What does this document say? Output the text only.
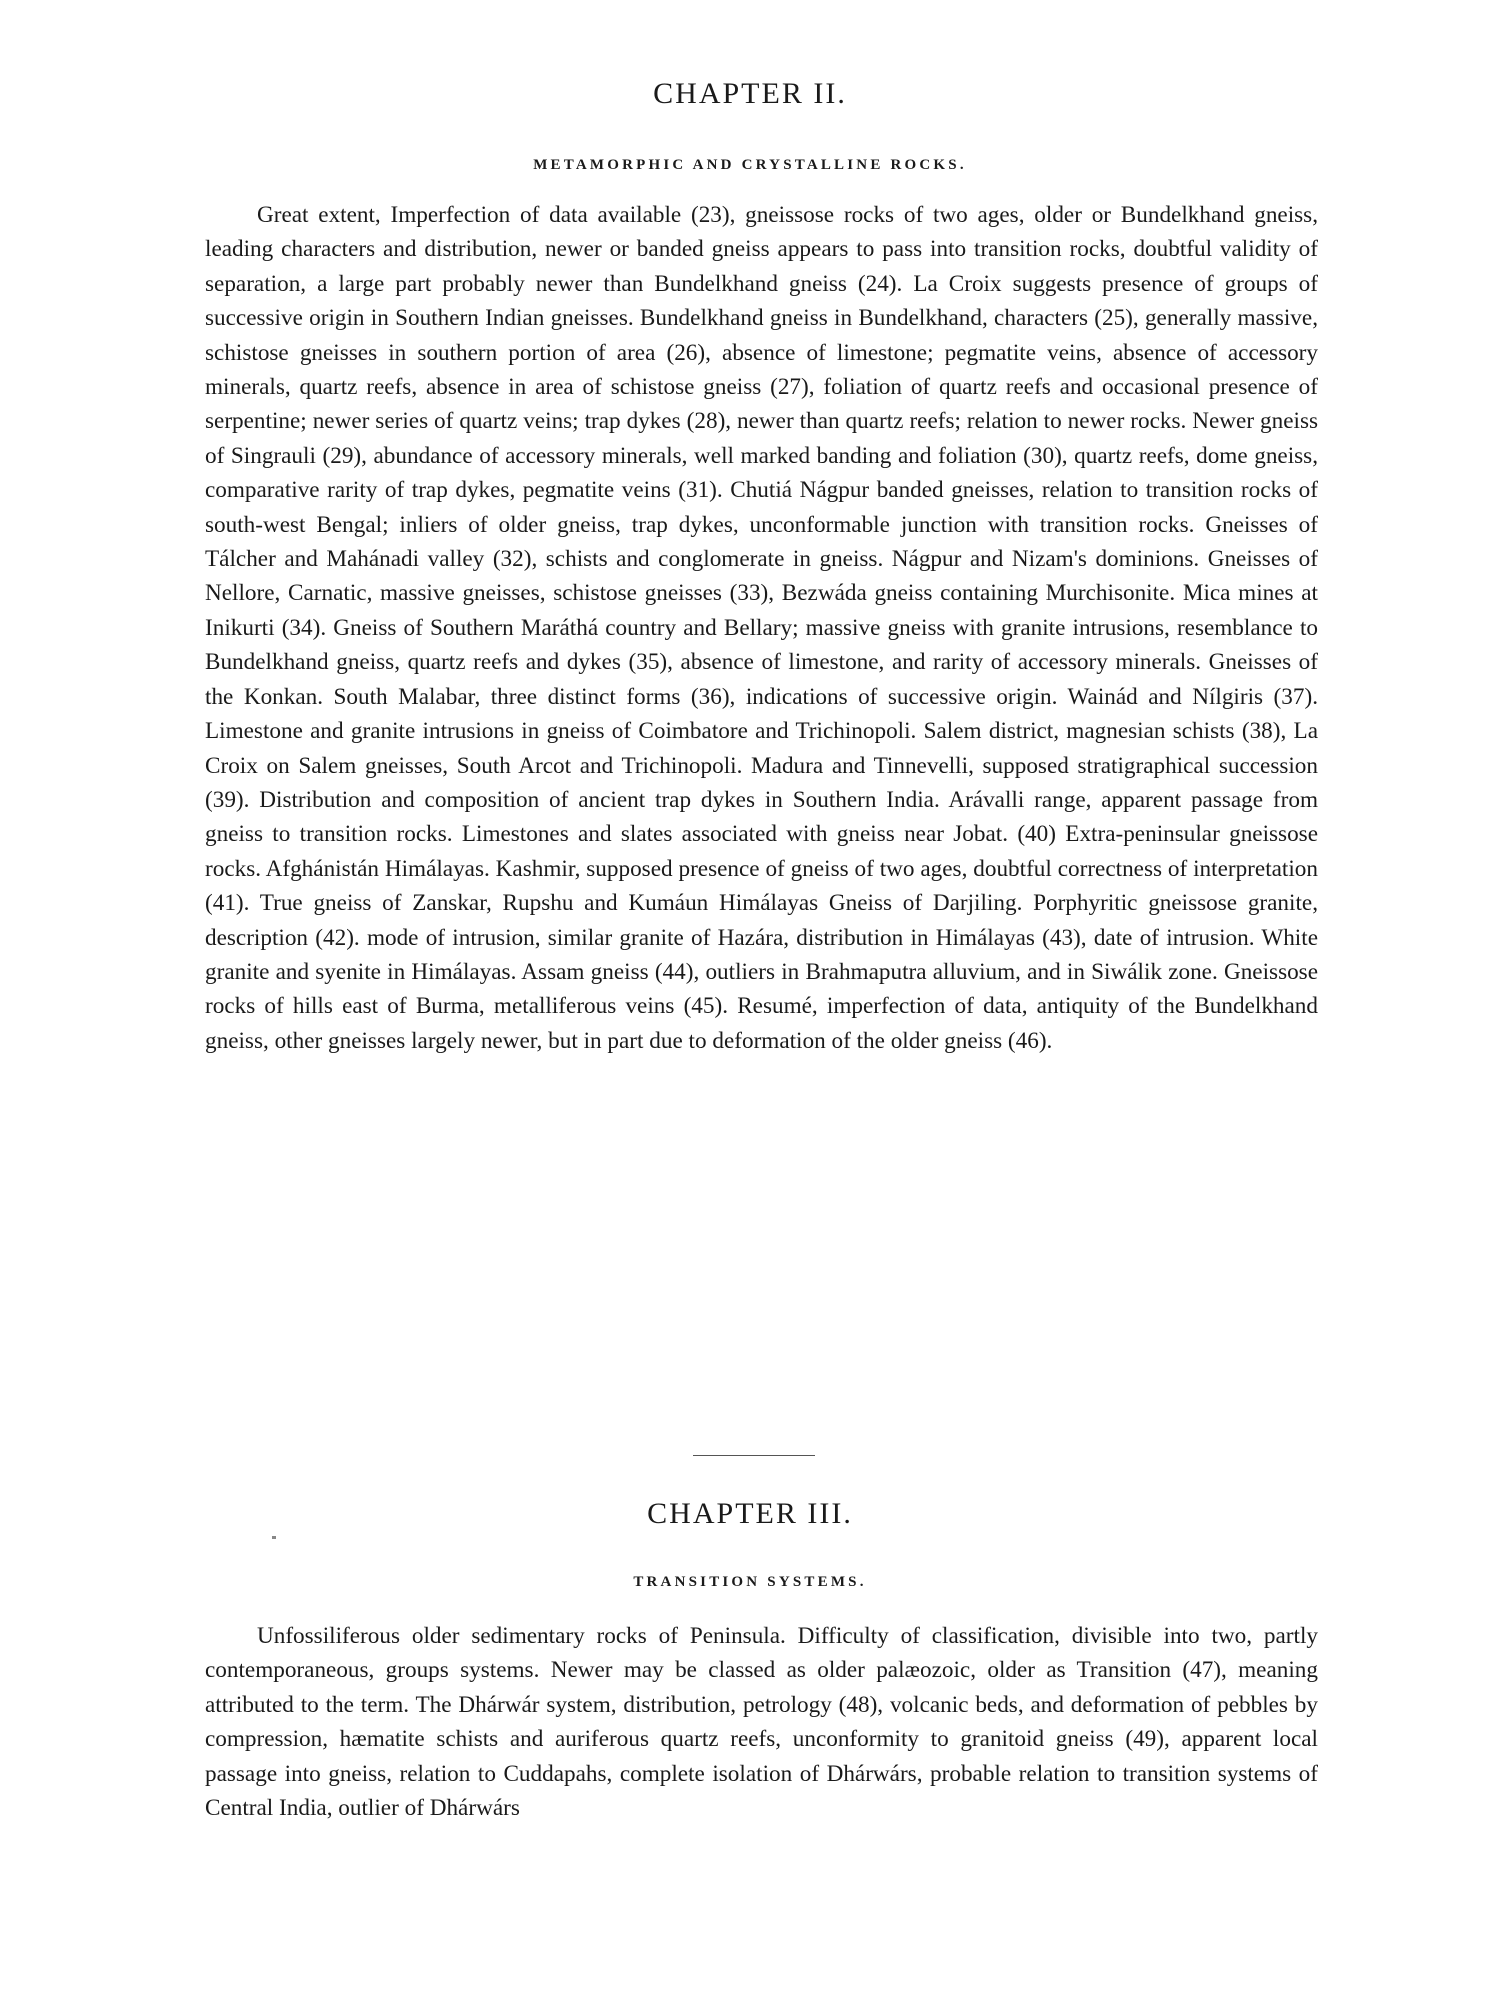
CHAPTER II.
METAMORPHIC AND CRYSTALLINE ROCKS.

Great extent, Imperfection of data available (23), gneissose rocks of two ages, older or Bundelkhand gneiss, leading characters and distribution, newer or banded gneiss appears to pass into transition rocks, doubtful validity of separation, a large part probably newer than Bundelkhand gneiss (24). La Croix suggests presence of groups of successive origin in Southern Indian gneisses. Bundelkhand gneiss in Bundelkhand, characters (25), generally massive, schistose gneisses in southern portion of area (26), absence of limestone; pegmatite veins, absence of accessory minerals, quartz reefs, absence in area of schistose gneiss (27), foliation of quartz reefs and occasional presence of serpentine; newer series of quartz veins; trap dykes (28), newer than quartz reefs; relation to newer rocks. Newer gneiss of Singrauli (29), abundance of accessory minerals, well marked banding and foliation (30), quartz reefs, dome gneiss, comparative rarity of trap dykes, pegmatite veins (31). Chutiá Nágpur banded gneisses, relation to transition rocks of south-west Bengal; inliers of older gneiss, trap dykes, unconformable junction with transition rocks. Gneisses of Tálcher and Mahánadi valley (32), schists and conglomerate in gneiss. Nágpur and Nizam's dominions. Gneisses of Nellore, Carnatic, massive gneisses, schistose gneisses (33), Bezwáda gneiss containing Murchisonite. Mica mines at Inikurti (34). Gneiss of Southern Maráthá country and Bellary; massive gneiss with granite intrusions, resemblance to Bundelkhand gneiss, quartz reefs and dykes (35), absence of limestone, and rarity of accessory minerals. Gneisses of the Konkan. South Malabar, three distinct forms (36), indications of successive origin. Wainád and Nílgiris (37). Limestone and granite intrusions in gneiss of Coimbatore and Trichinopoli. Salem district, magnesian schists (38), La Croix on Salem gneisses, South Arcot and Trichinopoli. Madura and Tinnevelli, supposed stratigraphical succession (39). Distribution and composition of ancient trap dykes in Southern India. Arávalli range, apparent passage from gneiss to transition rocks. Limestones and slates associated with gneiss near Jobat. (40) Extra-peninsular gneissose rocks. Afghánistán Himálayas. Kashmir, supposed presence of gneiss of two ages, doubtful correctness of interpretation (41). True gneiss of Zanskar, Rupshu and Kumáun Himálayas Gneiss of Darjiling. Porphyritic gneissose granite, description (42). mode of intrusion, similar granite of Hazára, distribution in Himálayas (43), date of intrusion. White granite and syenite in Himálayas. Assam gneiss (44), outliers in Brahmaputra alluvium, and in Siwálik zone. Gneissose rocks of hills east of Burma, metalliferous veins (45). Resumé, imperfection of data, antiquity of the Bundelkhand gneiss, other gneisses largely newer, but in part due to deformation of the older gneiss (46).

CHAPTER III.
TRANSITION SYSTEMS.

Unfossiliferous older sedimentary rocks of Peninsula. Difficulty of classification, divisible into two, partly contemporaneous, groups systems. Newer may be classed as older palæozoic, older as Transition (47), meaning attributed to the term. The Dhárwár system, distribution, petrology (48), volcanic beds, and deformation of pebbles by compression, hæmatite schists and auriferous quartz reefs, unconformity to granitoid gneiss (49), apparent local passage into gneiss, relation to Cuddapahs, complete isolation of Dhárwárs, probable relation to transition systems of Central India, outlier of Dhárwárs
